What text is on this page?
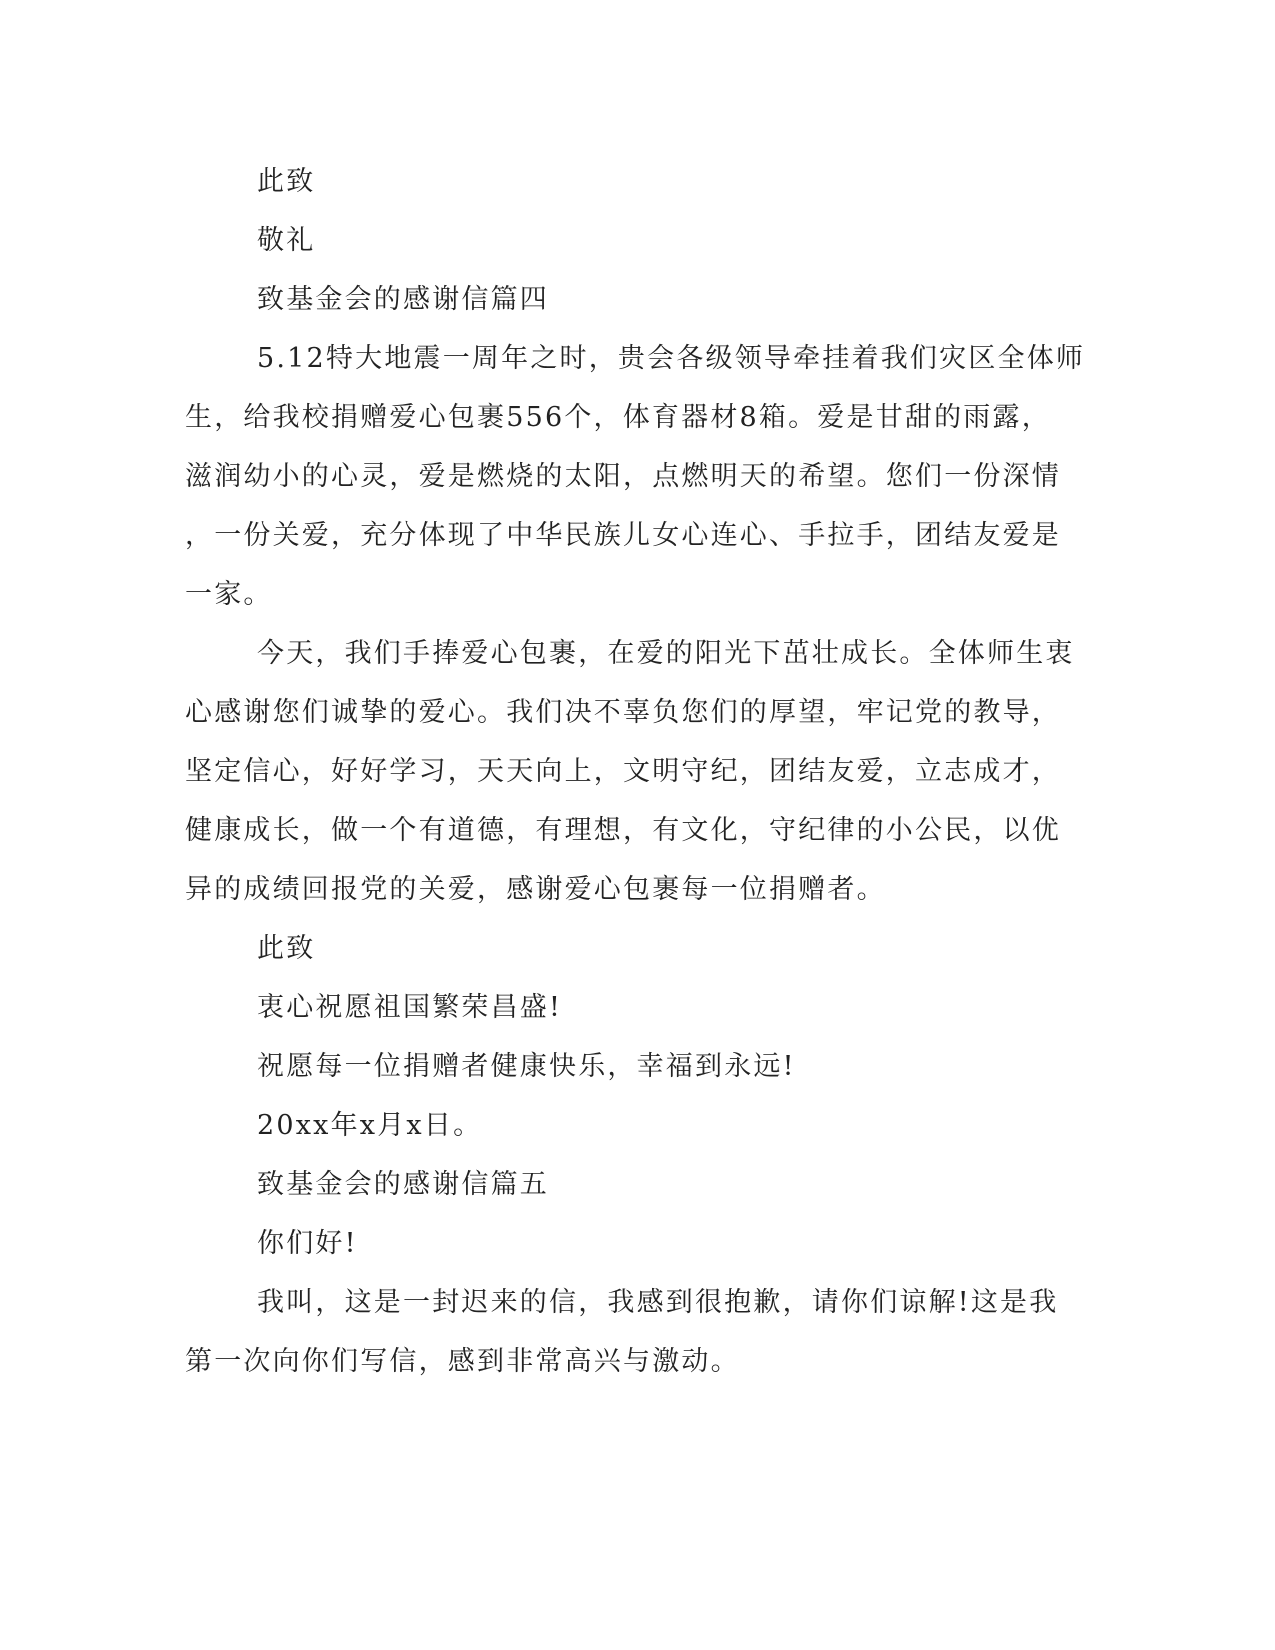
此致
敬礼
致基金会的感谢信篇四
5.12特大地震一周年之时，贵会各级领导牵挂着我们灾区全体师
生，给我校捐赠爱心包裹556个，体育器材8箱。爱是甘甜的雨露，
滋润幼小的心灵，爱是燃烧的太阳，点燃明天的希望。您们一份深情
，一份关爱，充分体现了中华民族儿女心连心、手拉手，团结友爱是
一家。
今天，我们手捧爱心包裹，在爱的阳光下茁壮成长。全体师生衷
心感谢您们诚挚的爱心。我们决不辜负您们的厚望，牢记党的教导，
坚定信心，好好学习，天天向上，文明守纪，团结友爱，立志成才，
健康成长，做一个有道德，有理想，有文化，守纪律的小公民，以优
异的成绩回报党的关爱，感谢爱心包裹每一位捐赠者。
此致
衷心祝愿祖国繁荣昌盛!
祝愿每一位捐赠者健康快乐，幸福到永远!
20xx年x月x日。
致基金会的感谢信篇五
你们好!
我叫，这是一封迟来的信，我感到很抱歉，请你们谅解!这是我
第一次向你们写信，感到非常高兴与激动。
